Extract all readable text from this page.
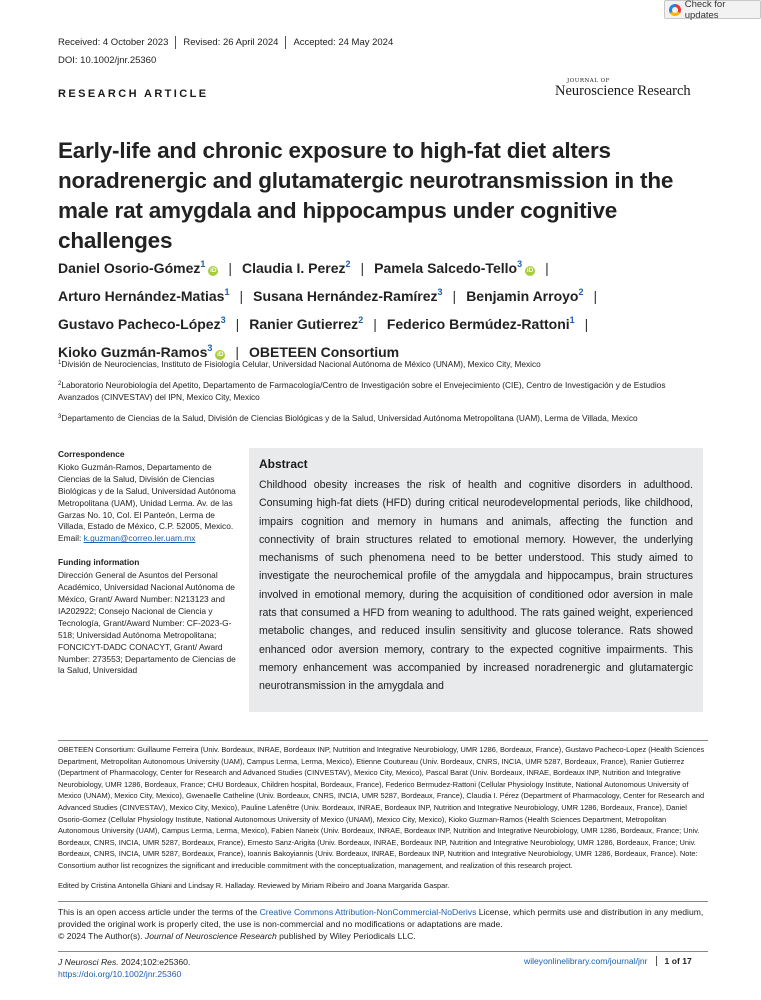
Check for updates
Received: 4 October 2023	Revised: 26 April 2024	Accepted: 24 May 2024
DOI: 10.1002/jnr.25360
RESEARCH ARTICLE
JOURNAL OF
Neuroscience Research
Early-life and chronic exposure to high-fat diet alters noradrenergic and glutamatergic neurotransmission in the male rat amygdala and hippocampus under cognitive challenges
Daniel Osorio-Gómez$^1$iD | Claudia I. Perez$^2$ | Pamela Salcedo-Tello$^3$iD |
Arturo Hernández-Matias$^1$ | Susana Hernández-Ramírez$^3$ | Benjamin Arroyo$^2$ |
Gustavo Pacheco-López$^3$ | Ranier Gutierrez$^2$ | Federico Bermúdez-Rattoni$^1$ |
Kioko Guzmán-Ramos$^3$iD | OBETEEN Consortium

$^1$División de Neurociencias, Instituto de Fisiología Celular, Universidad Nacional Autónoma de México (UNAM), Mexico City, Mexico

$^2$Laboratorio Neurobiología del Apetito, Departamento de Farmacología/Centro de Investigación sobre el Envejecimiento (CIE), Centro de Investigación y de Estudios Avanzados (CINVESTAV) del IPN, Mexico City, Mexico

$^3$Departamento de Ciencias de la Salud, División de Ciencias Biológicas y de la Salud, Universidad Autónoma Metropolitana (UAM), Lerma de Villada, Mexico

Correspondence
Kioko Guzmán-Ramos, Departamento de Ciencias de la Salud, División de Ciencias Biológicas y de la Salud, Universidad Autónoma Metropolitana (UAM), Unidad Lerma. Av. de las Garzas No. 10, Col. El Panteón, Lerma de Villada, Estado de México, C.P. 52005, Mexico.
Email: k.guzman@correo.ler.uam.mx
Funding information
Dirección General de Asuntos del Personal Académico, Universidad Nacional Autónoma de México, Grant/ Award Number: N213123 and IA202922; Consejo Nacional de Ciencia y Tecnología, Grant/Award Number: CF-2023-G-518; Universidad Autónoma Metropolitana; FONCICYT-DADC CONACYT, Grant/ Award Number: 273553; Departamento de Ciencias de la Salud, Universidad
Abstract

Childhood obesity increases the risk of health and cognitive disorders in adulthood. Consuming high-fat diets (HFD) during critical neurodevelopmental periods, like childhood, impairs cognition and memory in humans and animals, affecting the function and connectivity of brain structures related to emotional memory. However, the underlying mechanisms of such phenomena need to be better understood. This study aimed to investigate the neurochemical profile of the amygdala and hippocampus, brain structures involved in emotional memory, during the acquisition of conditioned odor aversion in male rats that consumed a HFD from weaning to adulthood. The rats gained weight, experienced metabolic changes, and reduced insulin sensitivity and glucose tolerance. Rats showed enhanced odor aversion memory, contrary to the expected cognitive impairments. This memory enhancement was accompanied by increased noradrenergic and glutamatergic neurotransmission in the amygdala and

OBETEEN Consortium: Guillaume Ferreira (Univ. Bordeaux, INRAE, Bordeaux INP, Nutrition and Integrative Neurobiology, UMR 1286, Bordeaux, France), Gustavo Pacheco-Lopez (Health Sciences Department, Metropolitan Autonomous University (UAM), Campus Lerma, Lerma, Mexico), Etienne Coutureau (Univ. Bordeaux, CNRS, INCIA, UMR 5287, Bordeaux, France), Ranier Gutierrez (Department of Pharmacology, Center for Research and Advanced Studies (CINVESTAV), Mexico City, Mexico), Pascal Barat (Univ. Bordeaux, INRAE, Bordeaux INP, Nutrition and Integrative Neurobiology, UMR 1286, Bordeaux, France; CHU Bordeaux, Children hospital, Bordeaux, France), Federico Bermudez-Rattoni (Cellular Physiology Institute, National Autonomous University of Mexico (UNAM), Mexico City, Mexico), Gwenaelle Catheline (Univ. Bordeaux, CNRS, INCIA, UMR 5287, Bordeaux, France), Claudia I. Pérez (Department of Pharmacology, Center for Research and Advanced Studies (CINVESTAV), Mexico City, Mexico), Pauline Lafenêtre (Univ. Bordeaux, INRAE, Bordeaux INP, Nutrition and Integrative Neurobiology, UMR 1286, Bordeaux, France), Daniel Osorio-Gomez (Cellular Physiology Institute, National Autonomous University of Mexico (UNAM), Mexico City, Mexico), Kioko Guzman-Ramos (Health Sciences Department, Metropolitan Autonomous University (UAM), Campus Lerma, Lerma, Mexico), Fabien Naneix (Univ. Bordeaux, INRAE, Bordeaux INP, Nutrition and Integrative Neurobiology, UMR 1286, Bordeaux, France; Univ. Bordeaux, CNRS, INCIA, UMR 5287, Bordeaux, France), Ernesto Sanz-Arigita (Univ. Bordeaux, INRAE, Bordeaux INP, Nutrition and Integrative Neurobiology, UMR 1286, Bordeaux, France; Univ. Bordeaux, CNRS, INCIA, UMR 5287, Bordeaux, France), Ioannis Bakoyiannis (Univ. Bordeaux, INRAE, Bordeaux INP, Nutrition and Integrative Neurobiology, UMR 1286, Bordeaux, France). Note: Consortium author list recognizes the significant and irreducible commitment with the conceptualization, management, and realization of this research project.
Edited by Cristina Antonella Ghiani and Lindsay R. Halladay. Reviewed by Miriam Ribeiro and Joana Margarida Gaspar.
This is an open access article under the terms of the Creative Commons Attribution-NonCommercial-NoDerivs License, which permits use and distribution in any medium, provided the original work is properly cited, the use is non-commercial and no modifications or adaptations are made.
© 2024 The Author(s). Journal of Neuroscience Research published by Wiley Periodicals LLC.
J Neurosci Res. 2024;102:e25360.
https://doi.org/10.1002/jnr.25360
wileyonlinelibrary.com/journal/jnr	1 of 17
